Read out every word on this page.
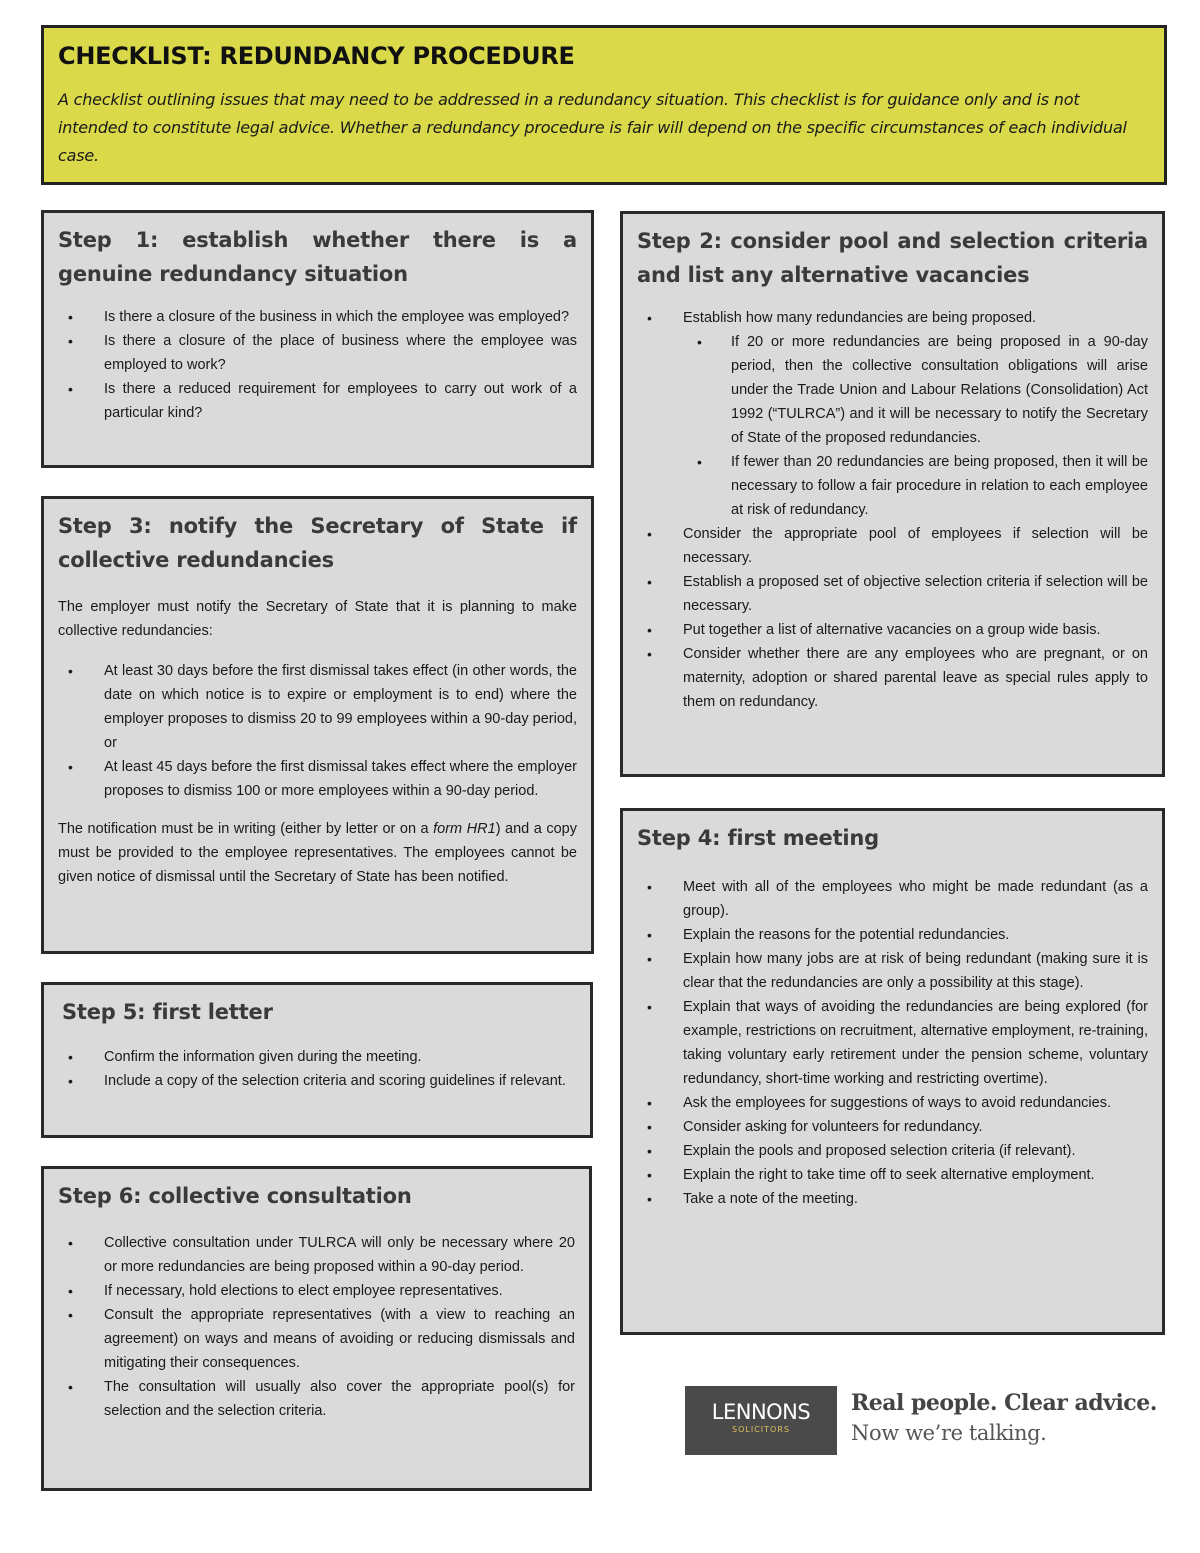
CHECKLIST: REDUNDANCY PROCEDURE

A checklist outlining issues that may need to be addressed in a redundancy situation. This checklist is for guidance only and is not intended to constitute legal advice. Whether a redundancy procedure is fair will depend on the specific circumstances of each individual case.

Step 1: establish whether there is a genuine redundancy situation
• Is there a closure of the business in which the employee was employed?
• Is there a closure of the place of business where the employee was employed to work?
• Is there a reduced requirement for employees to carry out work of a particular kind?
Step 2: consider pool and selection criteria and list any alternative vacancies
• Establish how many redundancies are being proposed.
• If 20 or more redundancies are being proposed in a 90-day period, then the collective consultation obligations will arise under the Trade Union and Labour Relations (Consolidation) Act 1992 (“TULRCA”) and it will be necessary to notify the Secretary of State of the proposed redundancies.
• If fewer than 20 redundancies are being proposed, then it will be necessary to follow a fair procedure in relation to each employee at risk of redundancy.
• Consider the appropriate pool of employees if selection will be necessary.
• Establish a proposed set of objective selection criteria if selection will be necessary.
• Put together a list of alternative vacancies on a group wide basis.
• Consider whether there are any employees who are pregnant, or on maternity, adoption or shared parental leave as special rules apply to them on redundancy.
Step 3: notify the Secretary of State if collective redundancies

The employer must notify the Secretary of State that it is planning to make collective redundancies:

• At least 30 days before the first dismissal takes effect (in other words, the date on which notice is to expire or employment is to end) where the employer proposes to dismiss 20 to 99 employees within a 90-day period, or
• At least 45 days before the first dismissal takes effect where the employer proposes to dismiss 100 or more employees within a 90-day period.

The notification must be in writing (either by letter or on a form HR1) and a copy must be provided to the employee representatives. The employees cannot be given notice of dismissal until the Secretary of State has been notified.

Step 4: first meeting
• Meet with all of the employees who might be made redundant (as a group).
• Explain the reasons for the potential redundancies.
• Explain how many jobs are at risk of being redundant (making sure it is clear that the redundancies are only a possibility at this stage).
• Explain that ways of avoiding the redundancies are being explored (for example, restrictions on recruitment, alternative employment, re-training, taking voluntary early retirement under the pension scheme, voluntary redundancy, short-time working and restricting overtime).
• Ask the employees for suggestions of ways to avoid redundancies.
• Consider asking for volunteers for redundancy.
• Explain the pools and proposed selection criteria (if relevant).
• Explain the right to take time off to seek alternative employment.
• Take a note of the meeting.
Step 5: first letter
• Confirm the information given during the meeting.
• Include a copy of the selection criteria and scoring guidelines if relevant.
Step 6: collective consultation
• Collective consultation under TULRCA will only be necessary where 20 or more redundancies are being proposed within a 90-day period.
• If necessary, hold elections to elect employee representatives.
• Consult the appropriate representatives (with a view to reaching an agreement) on ways and means of avoiding or reducing dismissals and mitigating their consequences.
• The consultation will usually also cover the appropriate pool(s) for selection and the selection criteria.	LENNONS
SOLICITORS
Real people. Clear advice.
Now we’re talking.
